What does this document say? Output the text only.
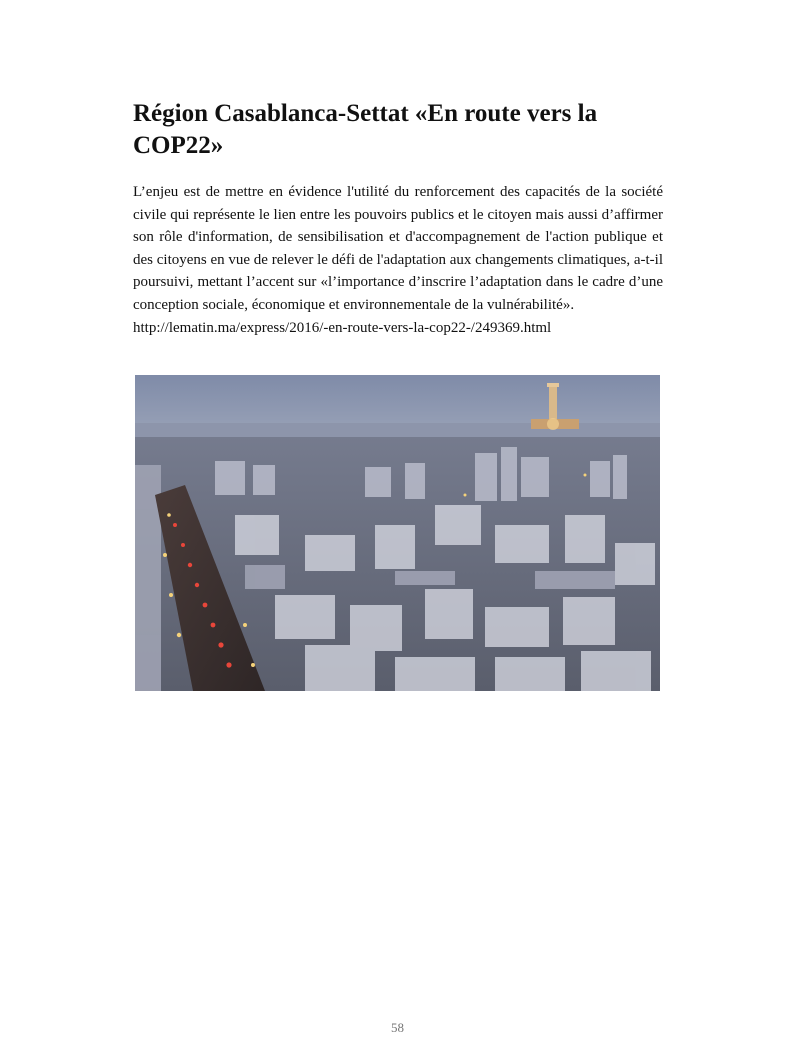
Région Casablanca-Settat «En route vers la
COP22»

L’enjeu est de mettre en évidence l'utilité du renforcement des capacités de la société civile qui représente le lien entre les pouvoirs publics et le citoyen mais aussi d’affirmer son rôle d'information, de sensibilisation et d'accompagnement de l'action publique et des citoyens en vue de relever le défi de l'adaptation aux changements climatiques, a-t-il poursuivi, mettant l’accent sur «l’importance d’inscrire l’adaptation dans le cadre d’une conception sociale, économique et environnementale de la vulnérabilité».
http://lematin.ma/express/2016/-en-route-vers-la-cop22-/249369.html

58
